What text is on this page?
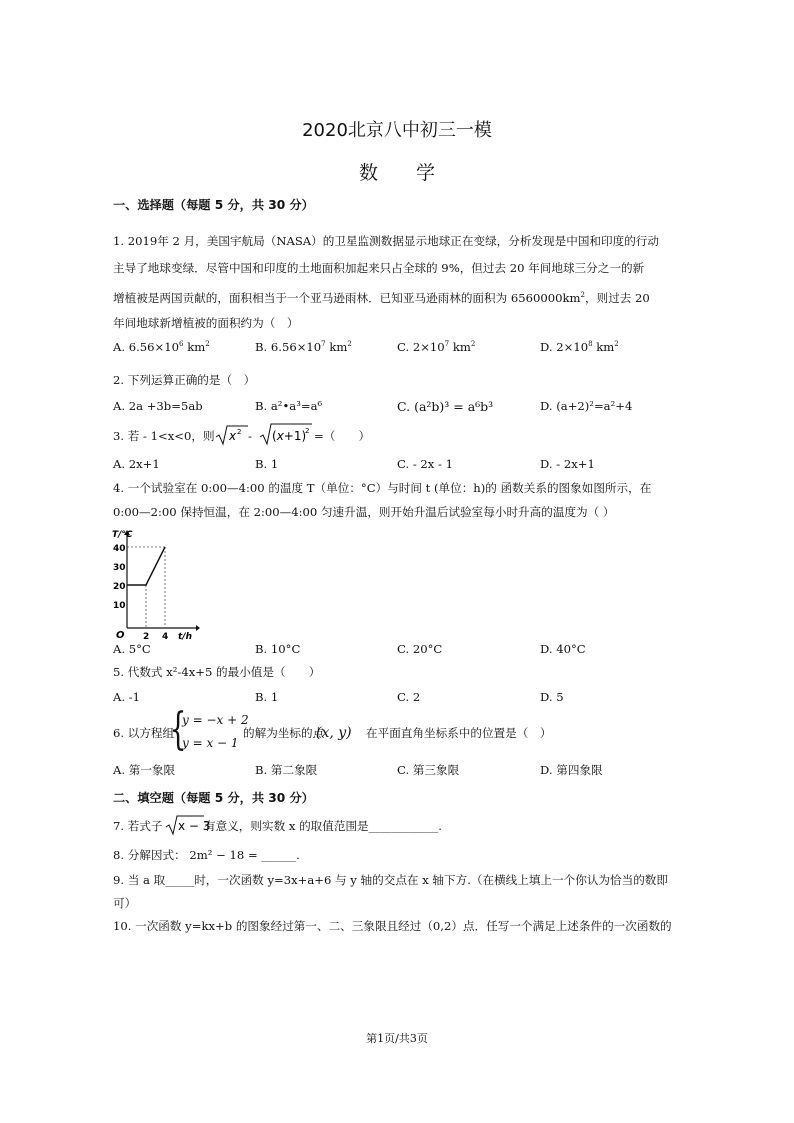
2020北京八中初三一模
数　　学
一、选择题（每题 5 分，共 30 分）
1. 2019年 2 月，美国宇航局（NASA）的卫星监测数据显示地球正在变绿，分析发现是中国和印度的行动
主导了地球变绿．尽管中国和印度的土地面积加起来只占全球的 9%，但过去 20 年间地球三分之一的新
增植被是两国贡献的，面积相当于一个亚马逊雨林．已知亚马逊雨林的面积为 $6560000km^2$，则过去 20
年间地球新增植被的面积约为（　）
A. $6.56\times 10^6$ $km^2$	B. $6.56\times 10^7$ $km^2$	C. $2\times 10^7$ $km^2$	D. $2\times 10^8$ $km^2$
2. 下列运算正确的是（　）
A. 2a +3b=5ab	B. a²•a³=a⁶	C. (a²b)³ = a⁶b³	D. (a+2)²=a²+4
3. 若 - 1<x<0，则 x 2 - (x+1)
2 =（　　）
A. 2x+1	B. 1	C. - 2x - 1	D. - 2x+1
4. 一个试验室在 0:00—4:00 的温度 T（单位：°C）与时间 t (单位：h)的 函数关系的图象如图所示，在
0:00—2:00 保持恒温，在 2:00—4:00 匀速升温，则开始升温后试验室每小时升高的温度为（ ）
T/°C
40
30
20
10
O 2 4 t/h
A. 5°C	B. 10°C	C. 20°C	D. 40°C
5. 代数式 x²-4x+5 的最小值是（　　）
A. -1	B. 1	C. 2	D. 5
6. 以方程组
{
y = −x + 2
y = x − 1
的解为坐标的点
(x, y) 在平面直角坐标系中的位置是（　）
A. 第一象限	B. 第二象限	C. 第三象限	D. 第四象限
二、填空题（每题 5 分，共 30 分）
7. 若式子 x − 3
有意义，则实数 x 的取值范围是____________.
8. 分解因式： 2m² − 18 = ______.
9. 当 a 取_____时，一次函数 y=3x+a+6 与 y 轴的交点在 x 轴下方.（在横线上填上一个你认为恰当的数即
可）
10. 一次函数 y=kx+b 的图象经过第一、二、三象限且经过（0,2）点．任写一个满足上述条件的一次函数的
第1页/共3页
